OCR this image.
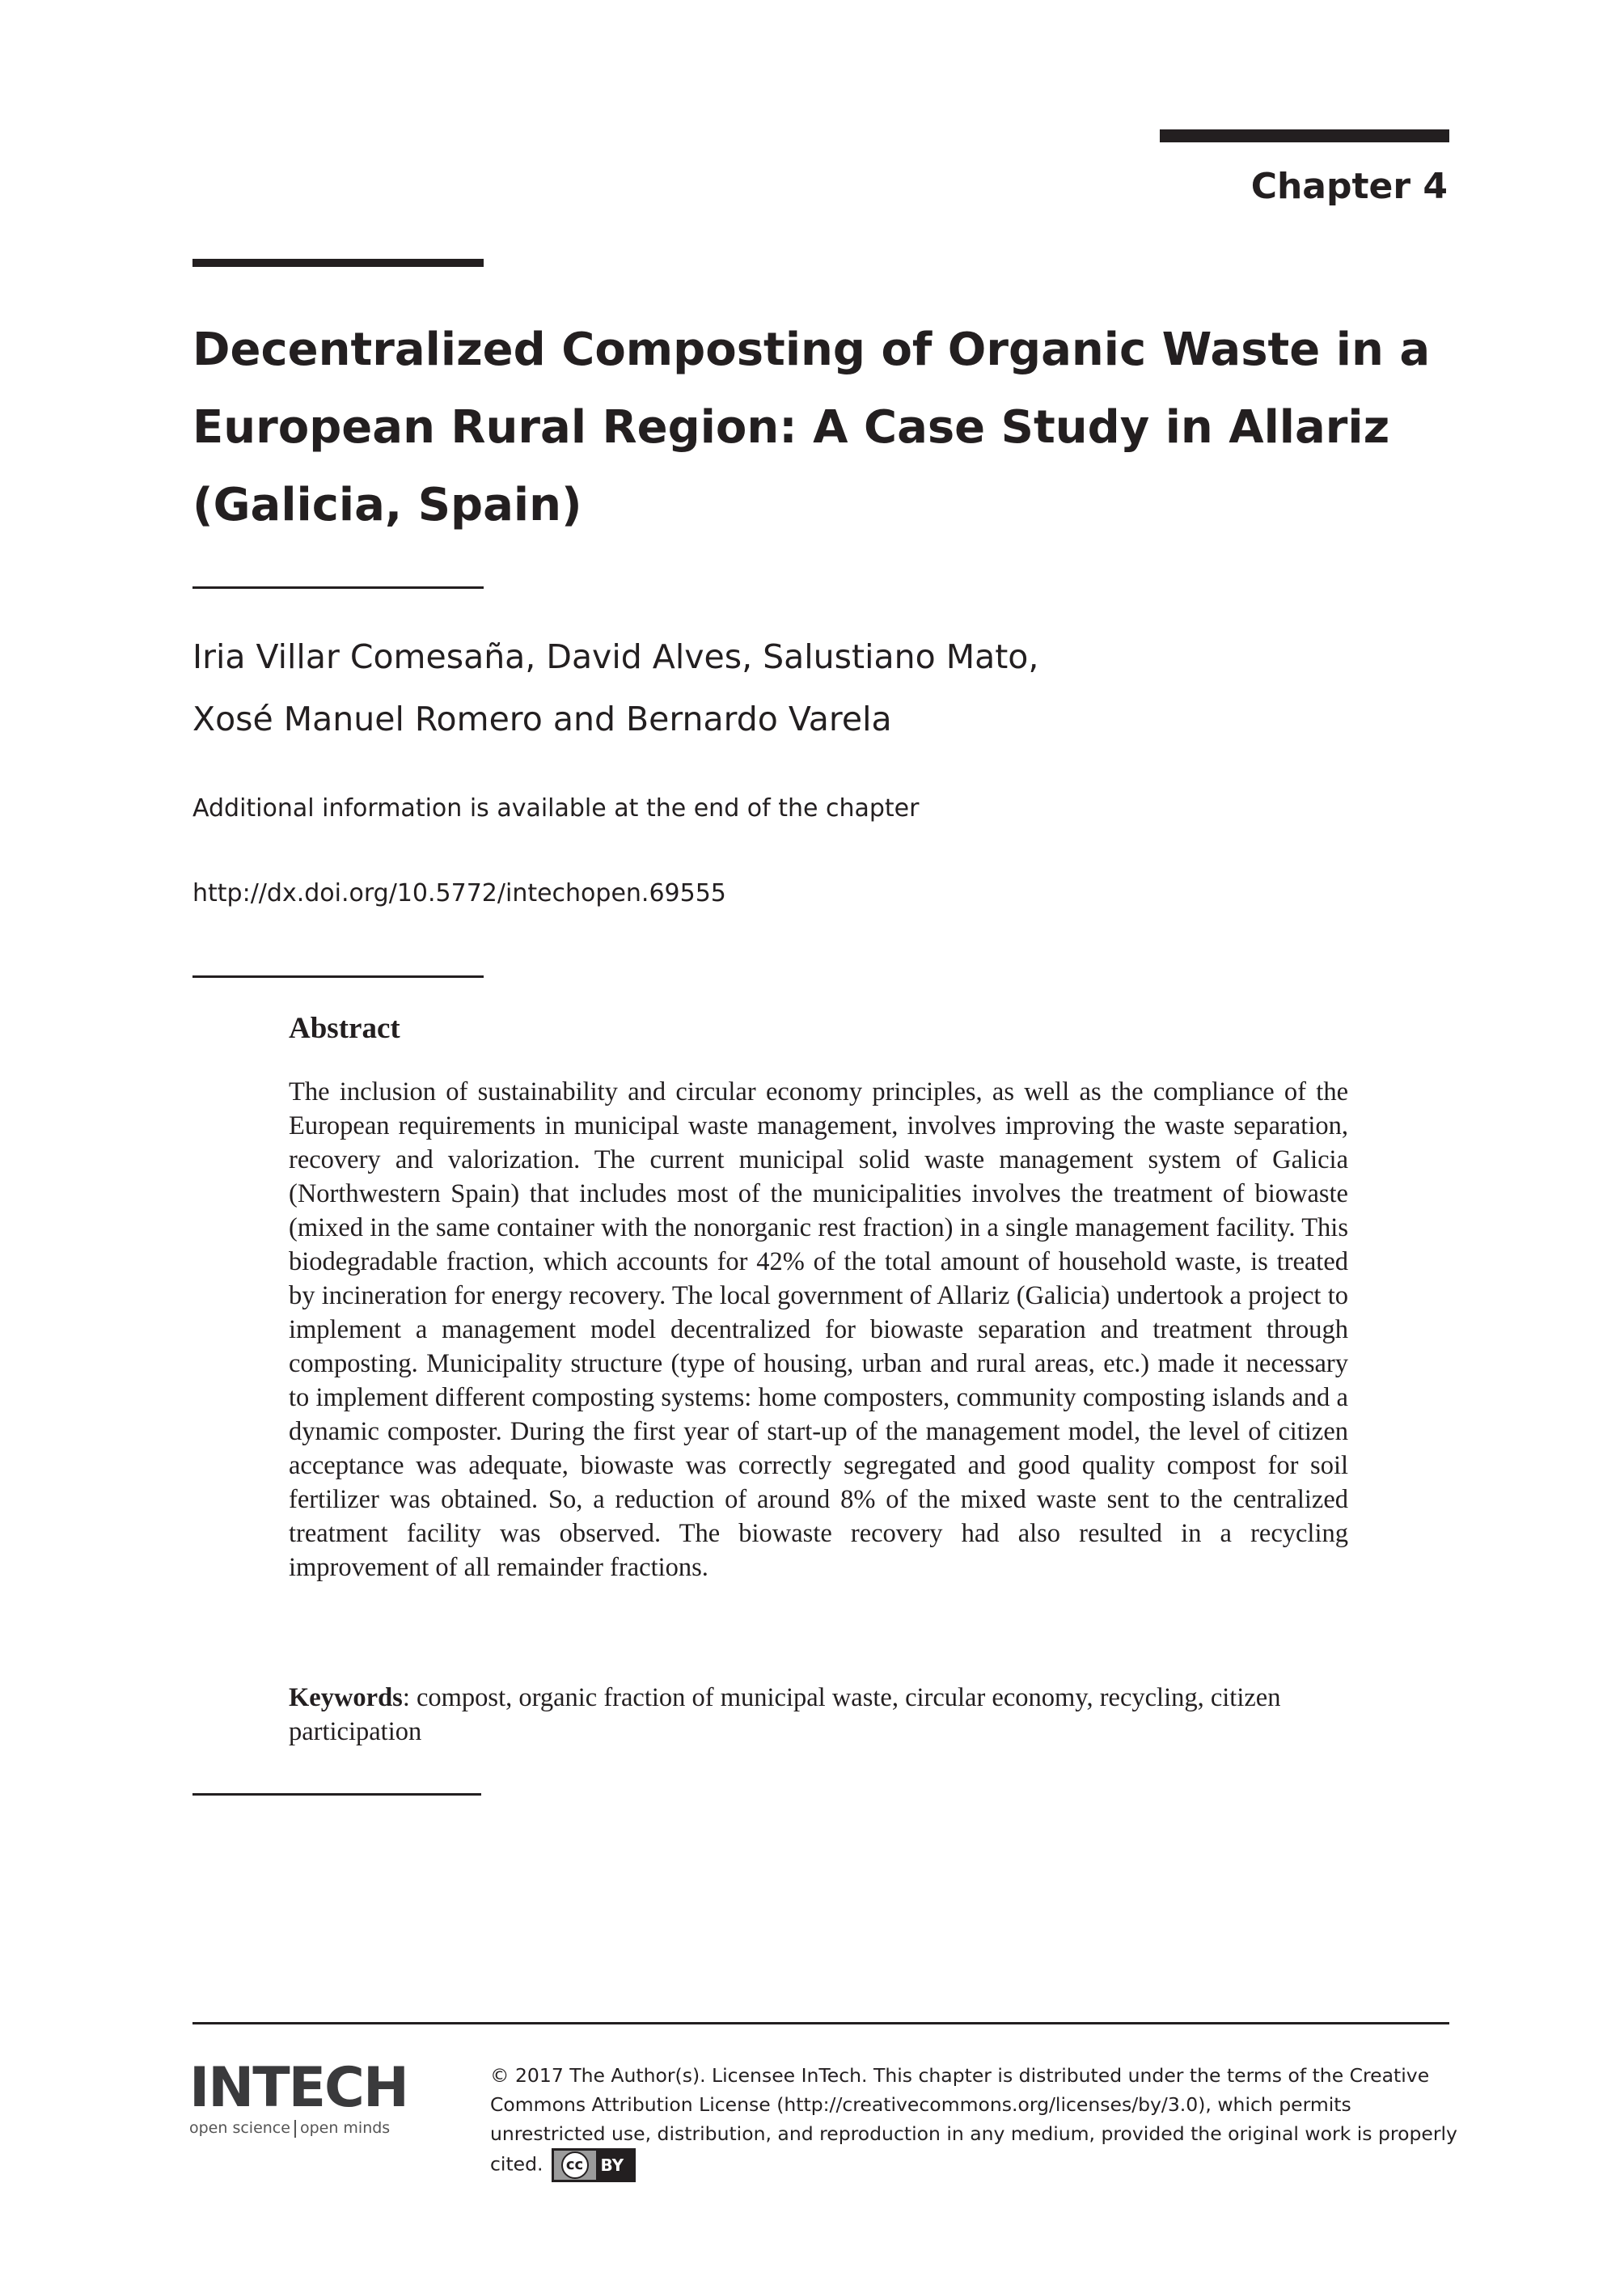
Chapter 4
Decentralized Composting of Organic Waste in a European Rural Region: A Case Study in Allariz (Galicia, Spain)
Iria Villar Comesaña, David Alves, Salustiano Mato,
Xosé Manuel Romero and Bernardo Varela
Additional information is available at the end of the chapter
http://dx.doi.org/10.5772/intechopen.69555
Abstract
The inclusion of sustainability and circular economy principles, as well as the compliance of the European requirements in municipal waste management, involves improving the waste separation, recovery and valorization. The current municipal solid waste management system of Galicia (Northwestern Spain) that includes most of the municipalities involves the treatment of biowaste (mixed in the same container with the nonorganic rest fraction) in a single management facility. This biodegradable fraction, which accounts for 42% of the total amount of household waste, is treated by incineration for energy recovery. The local government of Allariz (Galicia) undertook a project to implement a management model decentralized for biowaste separation and treatment through composting. Municipality structure (type of housing, urban and rural areas, etc.) made it necessary to implement different composting systems: home composters, community composting islands and a dynamic composter. During the first year of start-up of the management model, the level of citizen acceptance was adequate, biowaste was correctly segregated and good quality compost for soil fertilizer was obtained. So, a reduction of around 8% of the mixed waste sent to the centralized treatment facility was observed. The biowaste recovery had also resulted in a recycling improvement of all remainder fractions.
Keywords: compost, organic fraction of municipal waste, circular economy, recycling, citizen participation
INTECH
open science open minds
© 2017 The Author(s). Licensee InTech. This chapter is distributed under the terms of the Creative Commons Attribution License (http://creativecommons.org/licenses/by/3.0), which permits unrestricted use, distribution, and reproduction in any medium, provided the original work is properly cited.	cc	BY
